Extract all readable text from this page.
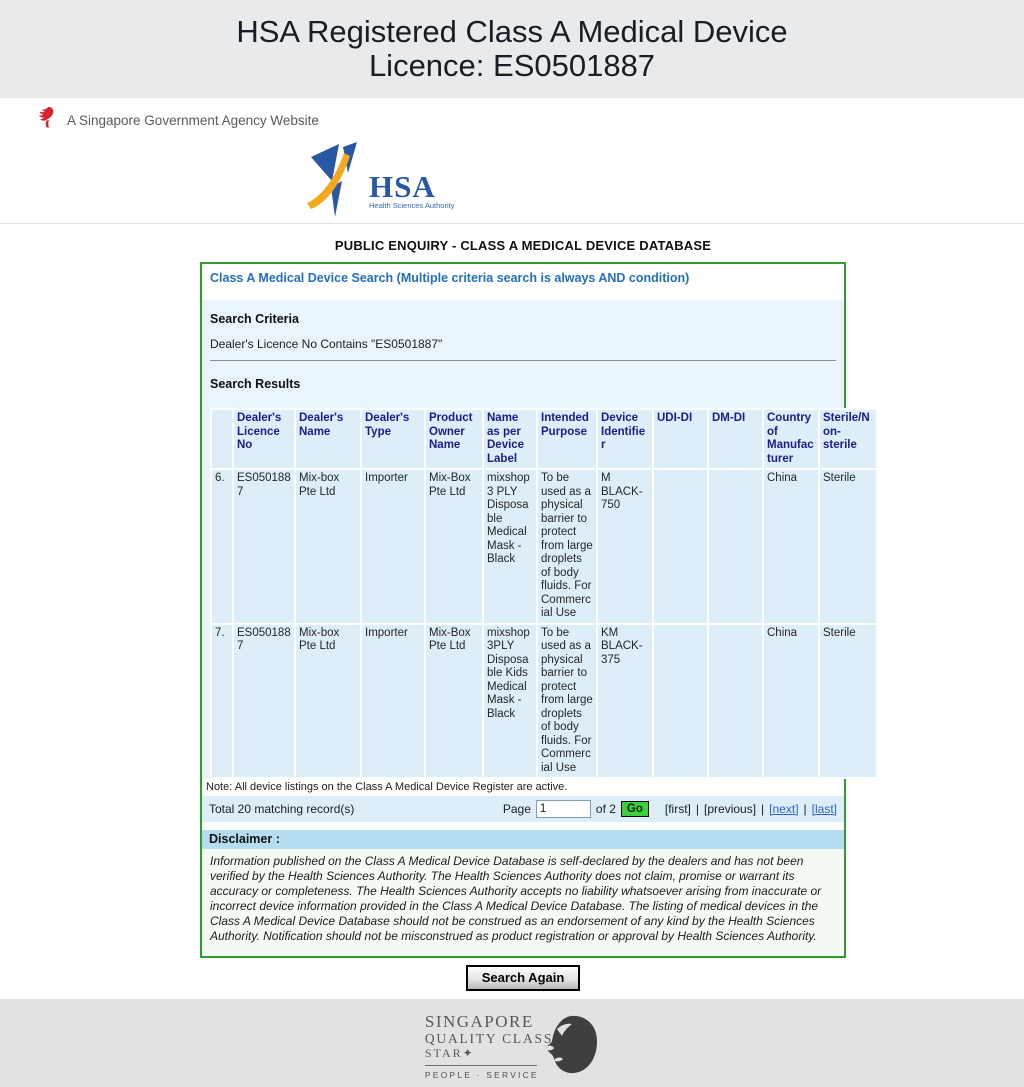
HSA Registered Class A Medical Device
Licence: ES0501887
A Singapore Government Agency Website
HSA
Health Sciences Authority
PUBLIC ENQUIRY - CLASS A MEDICAL DEVICE DATABASE
Class A Medical Device Search (Multiple criteria search is always AND condition)
Search Criteria
Dealer's Licence No Contains "ES0501887"
Search Results
	Dealer's Licence No	Dealer's Name	Dealer's Type	Product Owner Name	Name as per Device Label	Intended Purpose	Device Identifier	UDI-DI	DM-DI	Country of Manufacturer	Sterile/Non-sterile
6.	ES0501887	Mix-box Pte Ltd	Importer	Mix-Box Pte Ltd	mixshop 3 PLY Disposable Medical Mask - Black	To be used as a physical barrier to protect from large droplets of body fluids. For Commercial Use	M BLACK-750			China	Sterile
7.	ES0501887	Mix-box Pte Ltd	Importer	Mix-Box Pte Ltd	mixshop 3PLY Disposable Kids Medical Mask - Black	To be used as a physical barrier to protect from large droplets of body fluids. For Commercial Use	KM BLACK-375			China	Sterile
Note: All device listings on the Class A Medical Device Register are active.
Total 20 matching record(s)	Page
1	of 2 Go	[first] | [previous] | [next] | [last]
Disclaimer :
Information published on the Class A Medical Device Database is self-declared by the dealers and has not been verified by the Health Sciences Authority. The Health Sciences Authority does not claim, promise or warrant its accuracy or completeness. The Health Sciences Authority accepts no liability whatsoever arising from inaccurate or incorrect device information provided in the Class A Medical Device Database. The listing of medical devices in the Class A Medical Device Database should not be construed as an endorsement of any kind by the Health Sciences Authority. Notification should not be misconstrued as product registration or approval by Health Sciences Authority.
Search Again
SINGAPORE
QUALITY CLASS
STAR✦
PEOPLE · SERVICE
